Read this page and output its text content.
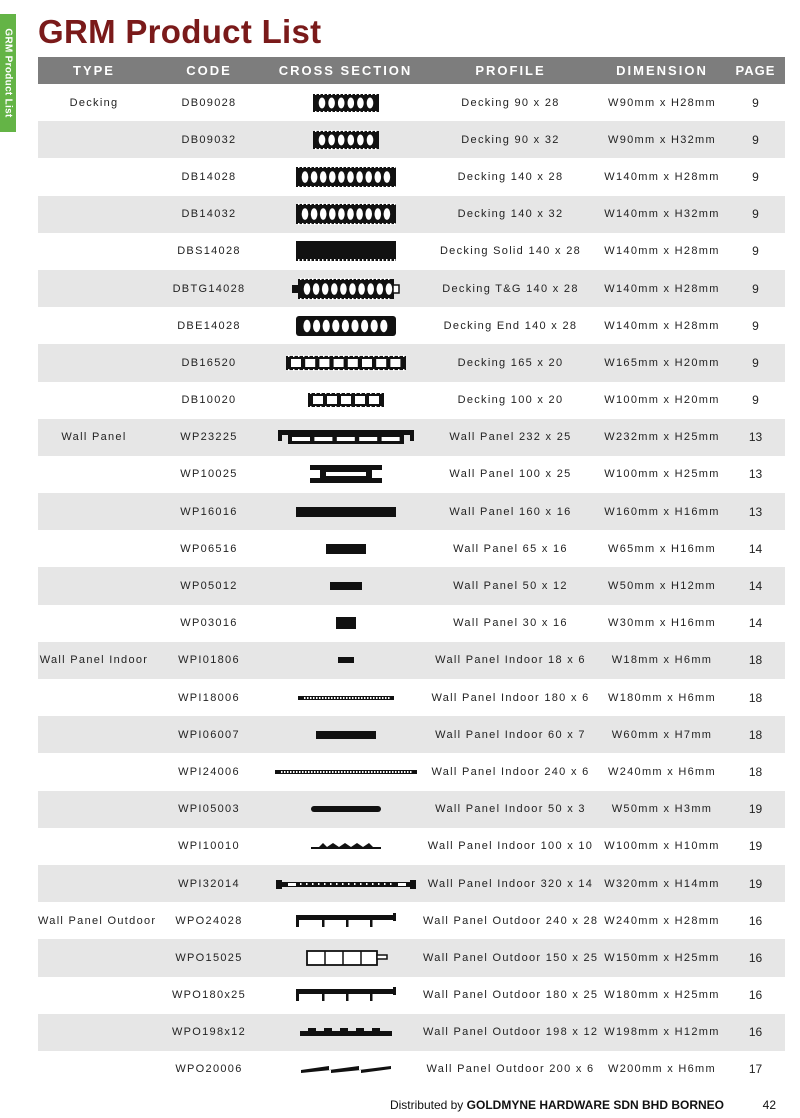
GRM Product List GRM Product List
TYPE	CODE	CROSS SECTION	PROFILE	DIMENSION	PAGE
Decking	DB09028	Decking 90 x 28	W90mm x H28mm	9
DB09032	Decking 90 x 32	W90mm x H32mm	9
DB14028	Decking 140 x 28	W140mm x H28mm	9
DB14032	Decking 140 x 32	W140mm x H32mm	9
DBS14028	Decking Solid 140 x 28	W140mm x H28mm	9
DBTG14028	Decking T&G 140 x 28	W140mm x H28mm	9
DBE14028	Decking End 140 x 28	W140mm x H28mm	9
DB16520	Decking 165 x 20	W165mm x H20mm	9
DB10020	Decking 100 x 20	W100mm x H20mm	9
Wall Panel	WP23225	Wall Panel 232 x 25	W232mm x H25mm	13
WP10025	Wall Panel 100 x 25	W100mm x H25mm	13
WP16016	Wall Panel 160 x 16	W160mm x H16mm	13
WP06516	Wall Panel 65 x 16	W65mm x H16mm	14
WP05012	Wall Panel 50 x 12	W50mm x H12mm	14
WP03016	Wall Panel 30 x 16	W30mm x H16mm	14
Wall Panel Indoor	WPI01806	Wall Panel Indoor 18 x 6	W18mm x H6mm	18
WPI18006	Wall Panel Indoor 180 x 6	W180mm x H6mm	18
WPI06007	Wall Panel Indoor 60 x 7	W60mm x H7mm	18
WPI24006	Wall Panel Indoor 240 x 6	W240mm x H6mm	18
WPI05003	Wall Panel Indoor 50 x 3	W50mm x H3mm	19
WPI10010	Wall Panel Indoor 100 x 10	W100mm x H10mm	19
WPI32014	Wall Panel Indoor 320 x 14	W320mm x H14mm	19
Wall Panel Outdoor	WPO24028	Wall Panel Outdoor 240 x 28 W240mm x H28mm	16
WPO15025	Wall Panel Outdoor 150 x 25 W150mm x H25mm	16
WPO180x25	Wall Panel Outdoor 180 x 25 W180mm x H25mm	16
WPO198x12	Wall Panel Outdoor 198 x 12 W198mm x H12mm	16
WPO20006	Wall Panel Outdoor 200 x 6	W200mm x H6mm	17
Distributed by GOLDMYNE HARDWARE SDN BHD BORNEO	42
